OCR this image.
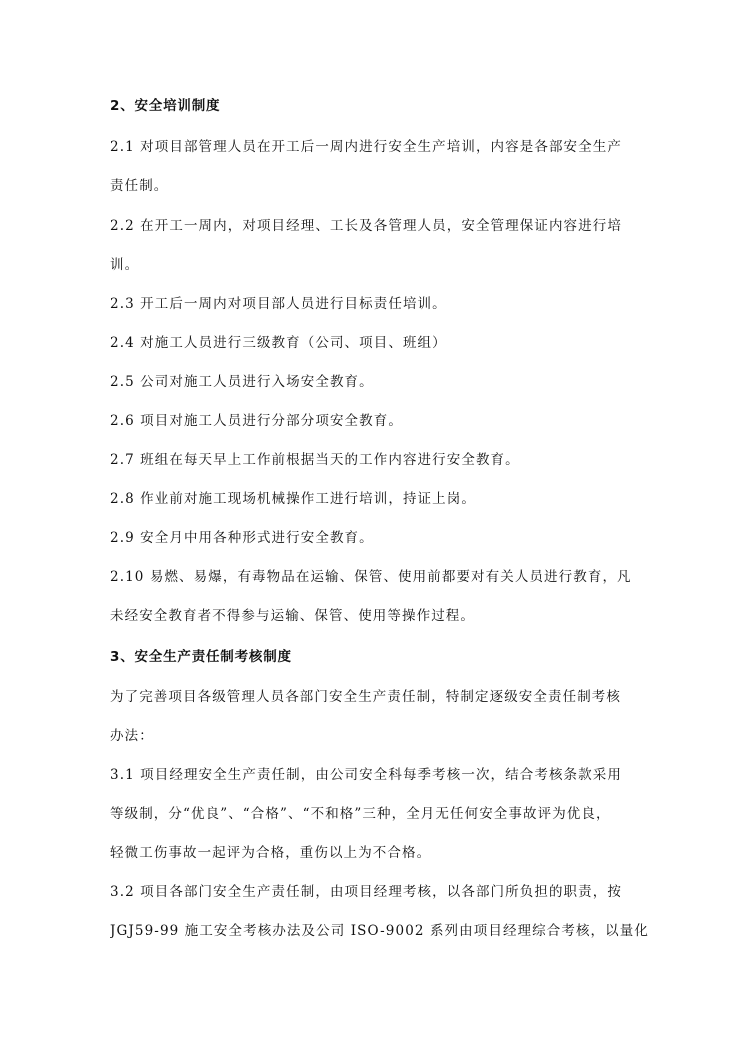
2、安全培训制度
2.1 对项目部管理人员在开工后一周内进行安全生产培训，内容是各部安全生产
责任制。
2.2 在开工一周内，对项目经理、工长及各管理人员，安全管理保证内容进行培
训。
2.3 开工后一周内对项目部人员进行目标责任培训。
2.4 对施工人员进行三级教育（公司、项目、班组）
2.5 公司对施工人员进行入场安全教育。
2.6 项目对施工人员进行分部分项安全教育。
2.7 班组在每天早上工作前根据当天的工作内容进行安全教育。
2.8 作业前对施工现场机械操作工进行培训，持证上岗。
2.9 安全月中用各种形式进行安全教育。
2.10 易燃、易爆，有毒物品在运输、保管、使用前都要对有关人员进行教育，凡
未经安全教育者不得参与运输、保管、使用等操作过程。
3、安全生产责任制考核制度
为了完善项目各级管理人员各部门安全生产责任制，特制定逐级安全责任制考核
办法：
3.1 项目经理安全生产责任制，由公司安全科每季考核一次，结合考核条款采用
等级制，分“优良”、“合格”、“不和格”三种，全月无任何安全事故评为优良，
轻微工伤事故一起评为合格，重伤以上为不合格。
3.2 项目各部门安全生产责任制，由项目经理考核，以各部门所负担的职责，按
JGJ59-99 施工安全考核办法及公司 ISO-9002 系列由项目经理综合考核，以量化
